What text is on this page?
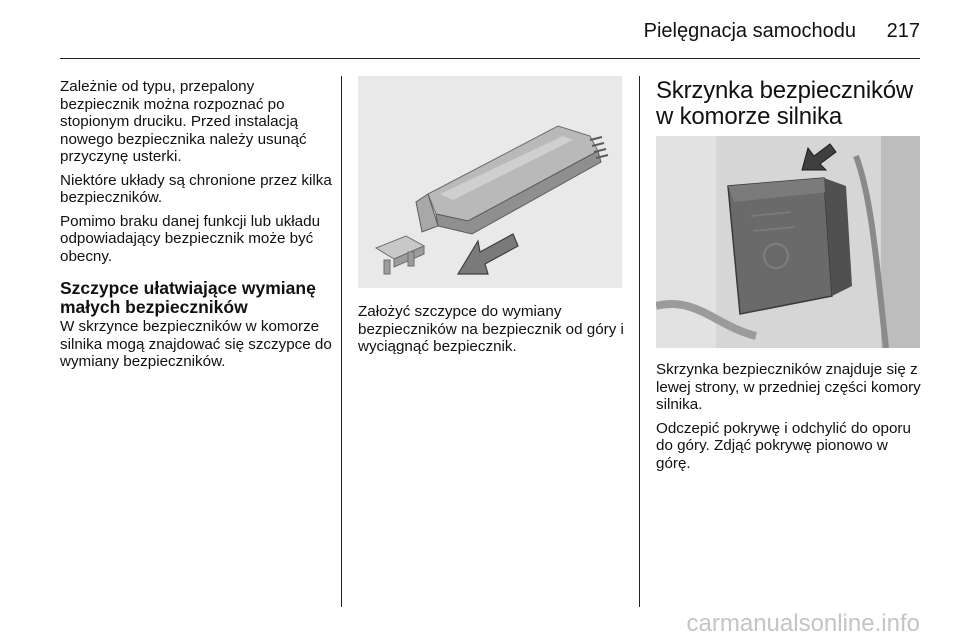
Pielęgnacja samochodu 217

Zależnie od typu, przepalony bezpiecznik można rozpoznać po stopionym druciku. Przed instalacją nowego bezpiecznika należy usunąć przyczynę usterki.

Niektóre układy są chronione przez kilka bezpieczników.

Pomimo braku danej funkcji lub układu odpowiadający bezpiecznik może być obecny.

Szczypce ułatwiające wymianę małych bezpieczników

W skrzynce bezpieczników w komorze silnika mogą znajdować się szczypce do wymiany bezpieczników.

Założyć szczypce do wymiany bezpieczników na bezpiecznik od góry i wyciągnąć bezpiecznik.

Skrzynka bezpieczników w komorze silnika

Skrzynka bezpieczników znajduje się z lewej strony, w przedniej części komory silnika.

Odczepić pokrywę i odchylić do oporu do góry. Zdjąć pokrywę pionowo w górę.

carmanualsonline.info
